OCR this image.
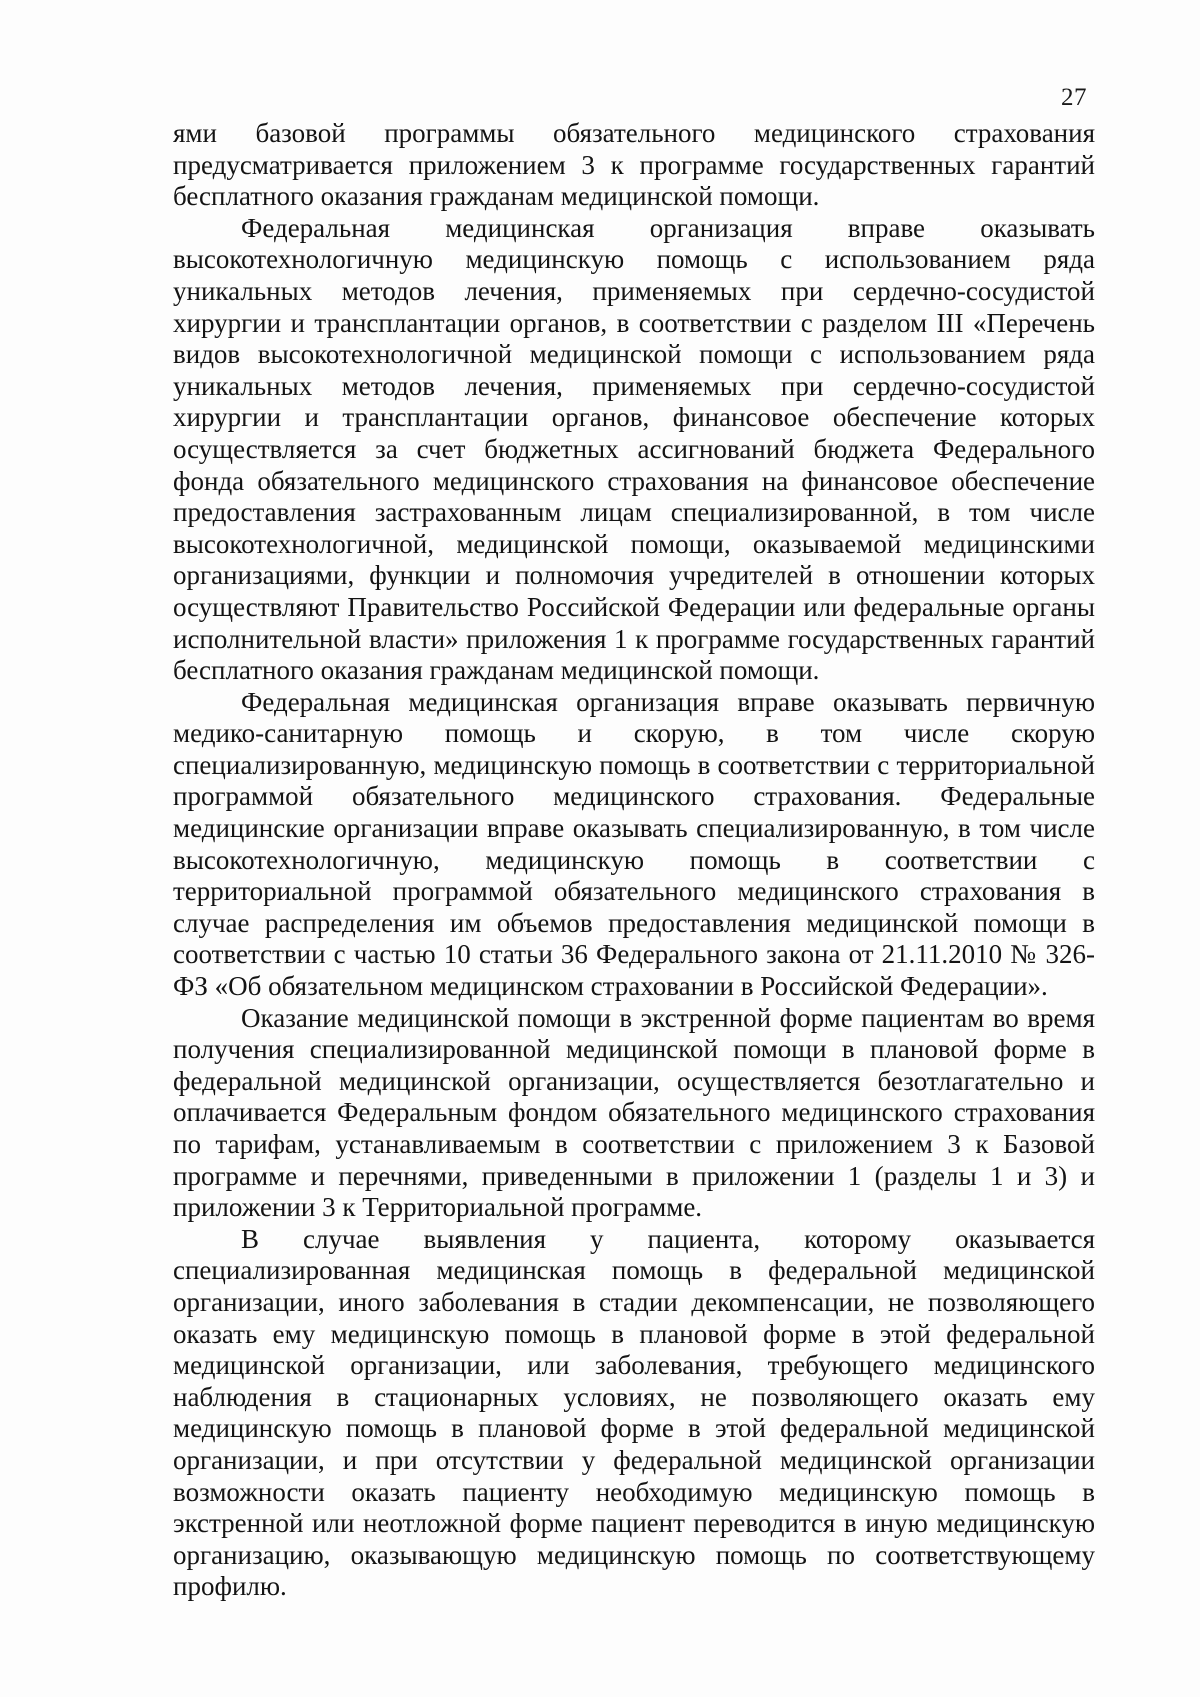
27

ями базовой программы обязательного медицинского страхования предусматривается приложением 3 к программе государственных гарантий бесплатного оказания гражданам медицинской помощи.

Федеральная медицинская организация вправе оказывать высокотехнологичную медицинскую помощь с использованием ряда уникальных методов лечения, применяемых при сердечно-сосудистой хирургии и трансплантации органов, в соответствии с разделом III «Перечень видов высокотехнологичной медицинской помощи с использованием ряда уникальных методов лечения, применяемых при сердечно-сосудистой хирургии и трансплантации органов, финансовое обеспечение которых осуществляется за счет бюджетных ассигнований бюджета Федерального фонда обязательного медицинского страхования на финансовое обеспечение предоставления застрахованным лицам специализированной, в том числе высокотехнологичной, медицинской помощи, оказываемой медицинскими организациями, функции и полномочия учредителей в отношении которых осуществляют Правительство Российской Федерации или федеральные органы исполнительной власти» приложения 1 к программе государственных гарантий бесплатного оказания гражданам медицинской помощи.

Федеральная медицинская организация вправе оказывать первичную медико-санитарную помощь и скорую, в том числе скорую специализированную, медицинскую помощь в соответствии с территориальной программой обязательного медицинского страхования. Федеральные медицинские организации вправе оказывать специализированную, в том числе высокотехнологичную, медицинскую помощь в соответствии с территориальной программой обязательного медицинского страхования в случае распределения им объемов предоставления медицинской помощи в соответствии с частью 10 статьи 36 Федерального закона от 21.11.2010 № 326-ФЗ «Об обязательном медицинском страховании в Российской Федерации».

Оказание медицинской помощи в экстренной форме пациентам во время получения специализированной медицинской помощи в плановой форме в федеральной медицинской организации, осуществляется безотлагательно и оплачивается Федеральным фондом обязательного медицинского страхования по тарифам, устанавливаемым в соответствии с приложением 3 к Базовой программе и перечнями, приведенными в приложении 1 (разделы 1 и 3) и приложении 3 к Территориальной программе.

В случае выявления у пациента, которому оказывается специализированная медицинская помощь в федеральной медицинской организации, иного заболевания в стадии декомпенсации, не позволяющего оказать ему медицинскую помощь в плановой форме в этой федеральной медицинской организации, или заболевания, требующего медицинского наблюдения в стационарных условиях, не позволяющего оказать ему медицинскую помощь в плановой форме в этой федеральной медицинской организации, и при отсутствии у федеральной медицинской организации возможности оказать пациенту необходимую медицинскую помощь в экстренной или неотложной форме пациент переводится в иную медицинскую организацию, оказывающую медицинскую помощь по соответствующему профилю.
